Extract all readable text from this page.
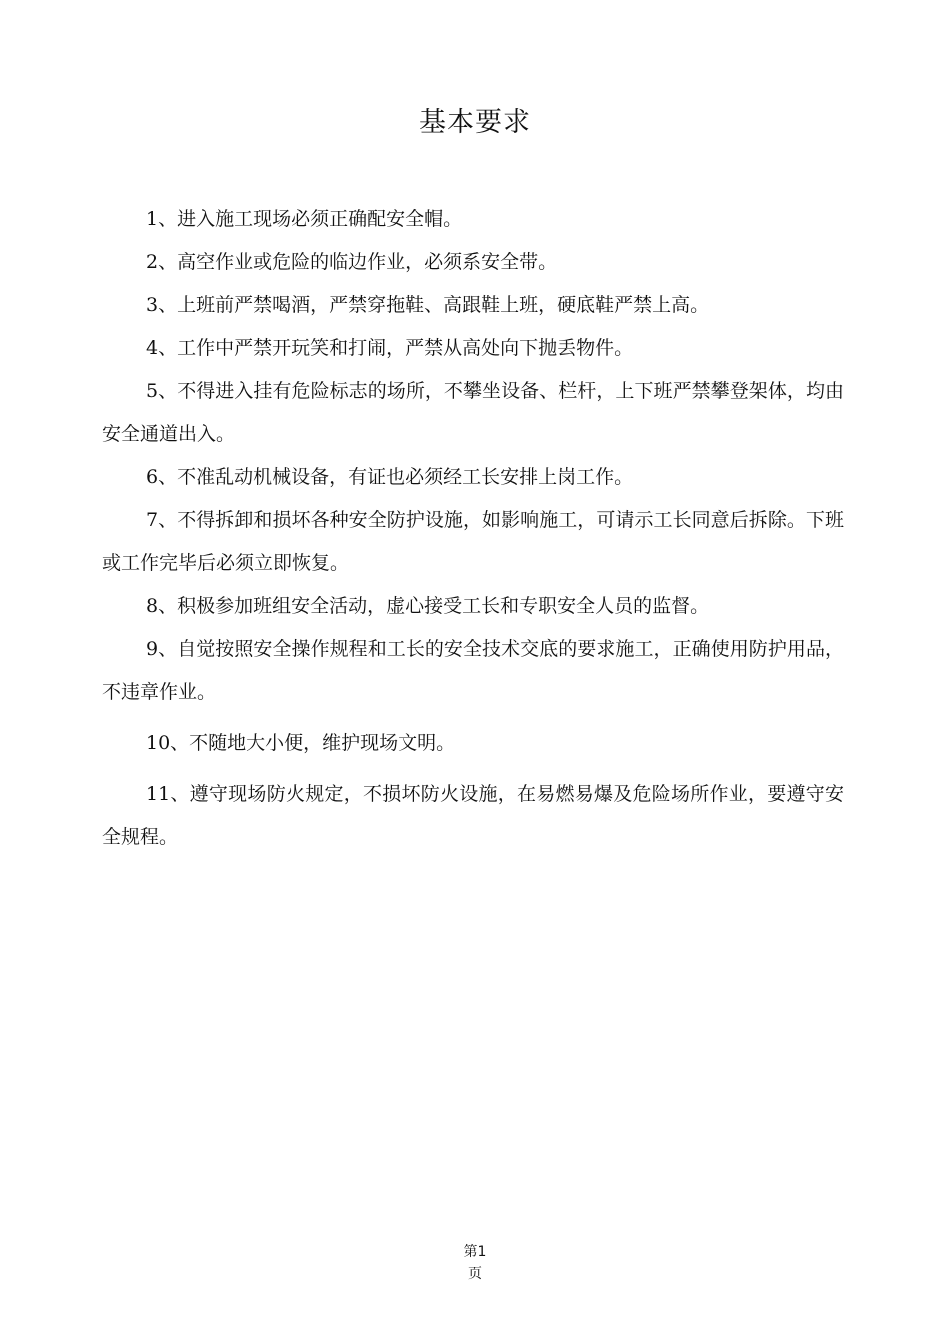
基本要求

1、进入施工现场必须正确配安全帽。

2、高空作业或危险的临边作业，必须系安全带。

3、上班前严禁喝酒，严禁穿拖鞋、高跟鞋上班，硬底鞋严禁上高。

4、工作中严禁开玩笑和打闹，严禁从高处向下抛丢物件。

5、不得进入挂有危险标志的场所，不攀坐设备、栏杆，上下班严禁攀登架体，均由安全通道出入。

6、不准乱动机械设备，有证也必须经工长安排上岗工作。

7、不得拆卸和损坏各种安全防护设施，如影响施工，可请示工长同意后拆除。下班或工作完毕后必须立即恢复。

8、积极参加班组安全活动，虚心接受工长和专职安全人员的监督。

9、自觉按照安全操作规程和工长的安全技术交底的要求施工，正确使用防护用品，不违章作业。

10、不随地大小便，维护现场文明。

11、遵守现场防火规定，不损坏防火设施，在易燃易爆及危险场所作业，要遵守安全规程。

第1
页
